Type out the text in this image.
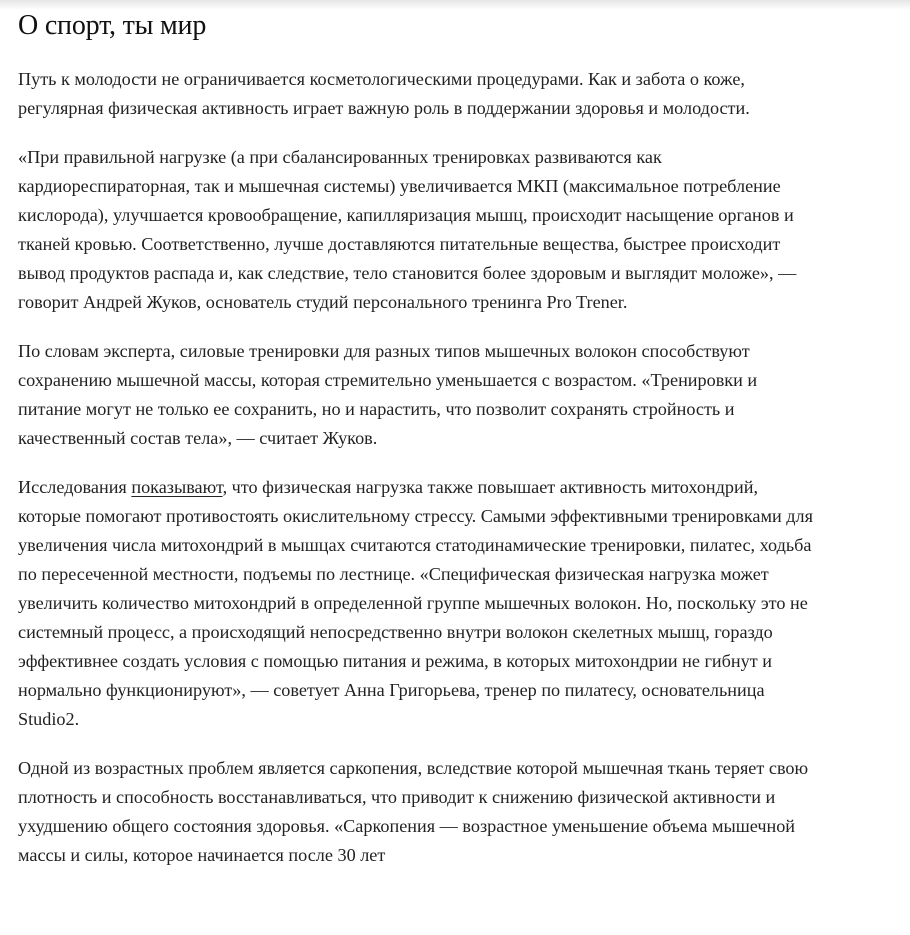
О спорт, ты мир

Путь к молодости не ограничивается косметологическими процедурами. Как и забота о коже, регулярная физическая активность играет важную роль в поддержании здоровья и молодости.

«При правильной нагрузке (а при сбалансированных тренировках развиваются как кардиореспираторная, так и мышечная системы) увеличивается МКП (максимальное потребление кислорода), улучшается кровообращение, капилляризация мышц, происходит насыщение органов и тканей кровью. Соответственно, лучше доставляются питательные вещества, быстрее происходит вывод продуктов распада и, как следствие, тело становится более здоровым и выглядит моложе», — говорит Андрей Жуков, основатель студий персонального тренинга Pro Trener.

По словам эксперта, силовые тренировки для разных типов мышечных волокон способствуют сохранению мышечной массы, которая стремительно уменьшается с возрастом. «Тренировки и питание могут не только ее сохранить, но и нарастить, что позволит сохранять стройность и качественный состав тела», — считает Жуков.

Исследования показывают, что физическая нагрузка также повышает активность митохондрий, которые помогают противостоять окислительному стрессу. Самыми эффективными тренировками для увеличения числа митохондрий в мышцах считаются статодинамические тренировки, пилатес, ходьба по пересеченной местности, подъемы по лестнице. «Специфическая физическая нагрузка может увеличить количество митохондрий в определенной группе мышечных волокон. Но, поскольку это не системный процесс, а происходящий непосредственно внутри волокон скелетных мышц, гораздо эффективнее создать условия с помощью питания и режима, в которых митохондрии не гибнут и нормально функционируют», — советует Анна Григорьева, тренер по пилатесу, основательница Studio2.

Одной из возрастных проблем является саркопения, вследствие которой мышечная ткань теряет свою плотность и способность восстанавливаться, что приводит к снижению физической активности и ухудшению общего состояния здоровья. «Саркопения — возрастное уменьшение объема мышечной массы и силы, которое начинается после 30 лет
